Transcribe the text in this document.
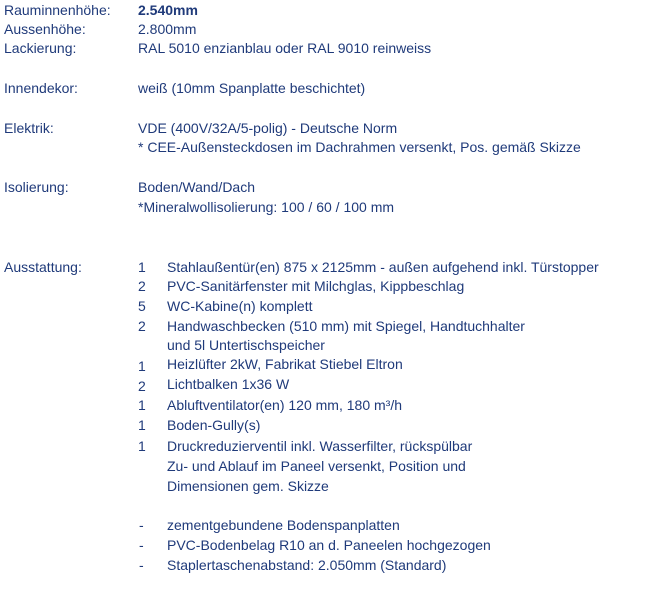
Rauminnenhöhe: 2.540mm
Aussenhöhe:	2.800mm
Lackierung:	RAL 5010 enzianblau oder RAL 9010 reinweiss
Innendekor:	weiß (10mm Spanplatte beschichtet)
Elektrik:	VDE (400V/32A/5-polig) - Deutsche Norm
* CEE-Außensteckdosen im Dachrahmen versenkt, Pos. gemäß Skizze
Isolierung:	Boden/Wand/Dach
*Mineralwollisolierung: 100 / 60 / 100 mm
Ausstattung:	1 Stahlaußentür(en) 875 x 2125mm - außen aufgehend inkl. Türstopper
2 PVC-Sanitärfenster mit Milchglas, Kippbeschlag
5 WC-Kabine(n) komplett
2 Handwaschbecken (510 mm) mit Spiegel, Handtuchhalter
und 5l Untertischspeicher
1 Heizlüfter 2kW, Fabrikat Stiebel Eltron
2 Lichtbalken 1x36 W
1 Abluftventilator(en) 120 mm, 180 m³/h
1 Boden-Gully(s)
1 Druckreduzierventil inkl. Wasserfilter, rückspülbar
Zu- und Ablauf im Paneel versenkt, Position und
Dimensionen gem. Skizze
- zementgebundene Bodenspanplatten
- PVC-Bodenbelag R10 an d. Paneelen hochgezogen
- Staplertaschenabstand: 2.050mm (Standard)
